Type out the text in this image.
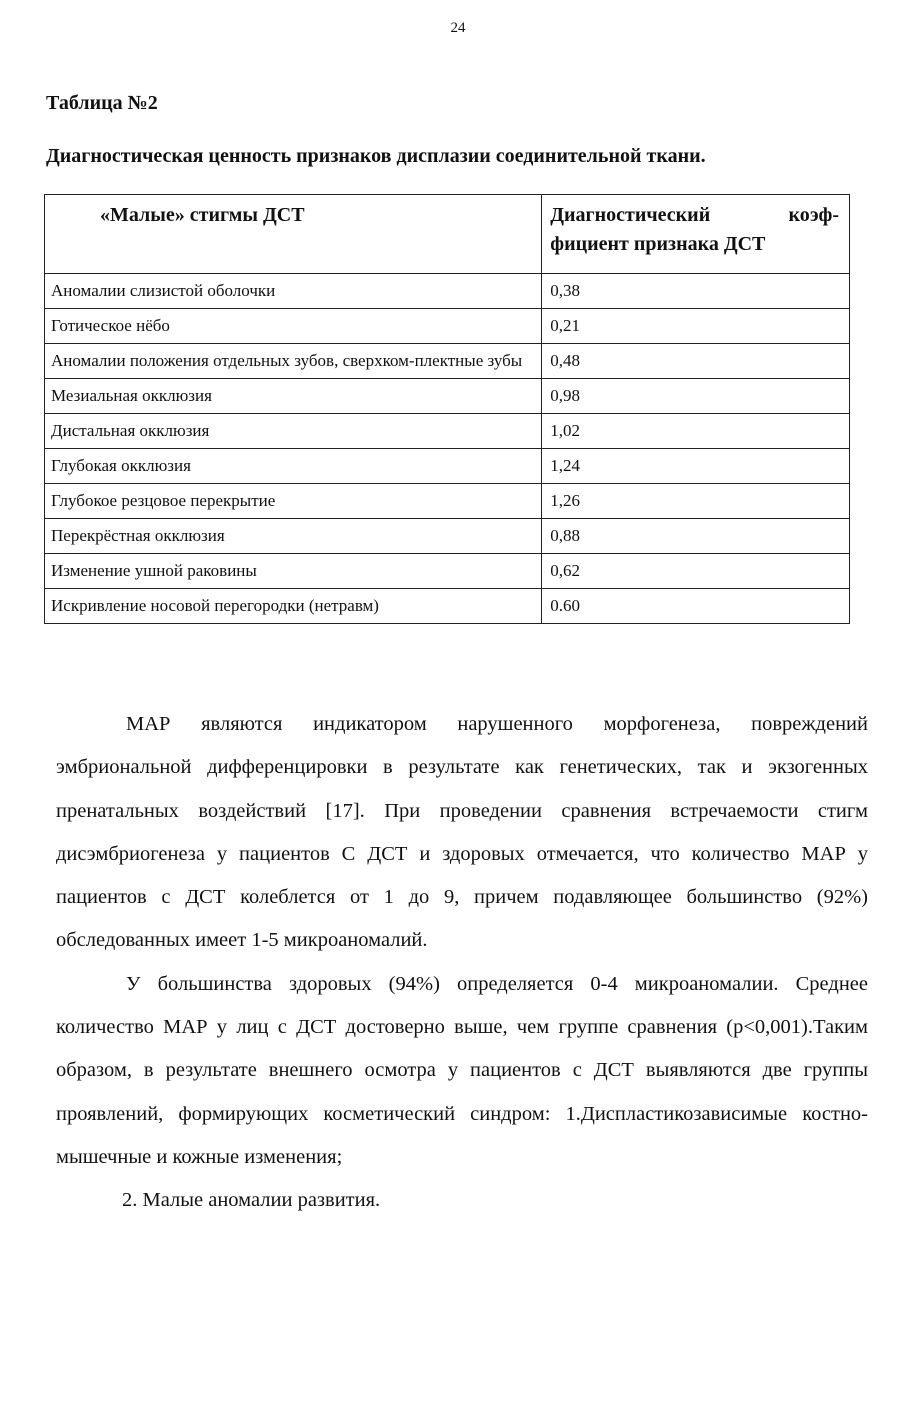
24
Таблица №2
Диагностическая ценность признаков дисплазии соединительной ткани.
«Малые» стигмы ДСТ	Диагностический коэф-фициент признака ДСТ

Аномалии слизистой оболочки	0,38

Готическое нёбо	0,21

Аномалии положения отдельных зубов, сверхком-плектные зубы	0,48

Мезиальная окклюзия	0,98

Дистальная окклюзия	1,02

Глубокая окклюзия	1,24

Глубокое резцовое перекрытие	1,26

Перекрёстная окклюзия	0,88

Изменение ушной раковины	0,62

Искривление носовой перегородки (нетравм)	0.60

МАР являются индикатором нарушенного морфогенеза, повреждений эмбриональной дифференцировки в результате как генетических, так и экзогенных пренатальных воздействий [17]. При проведении сравнения встречаемости стигм дисэмбриогенеза у пациентов С ДСТ и здоровых отмечается, что количество МАР у пациентов с ДСТ колеблется от 1 до 9, причем подавляющее большинство (92%) обследованных имеет 1-5 микроаномалий.

У большинства здоровых (94%) определяется 0-4 микроаномалии. Среднее количество МАР у лиц с ДСТ достоверно выше, чем группе сравнения (p<0,001).Таким образом, в результате внешнего осмотра у пациентов с ДСТ выявляются две группы проявлений, формирующих косметический синдром: 1.Диспластикозависимые костно-мышечные и кожные изменения;

2. Малые аномалии развития.
